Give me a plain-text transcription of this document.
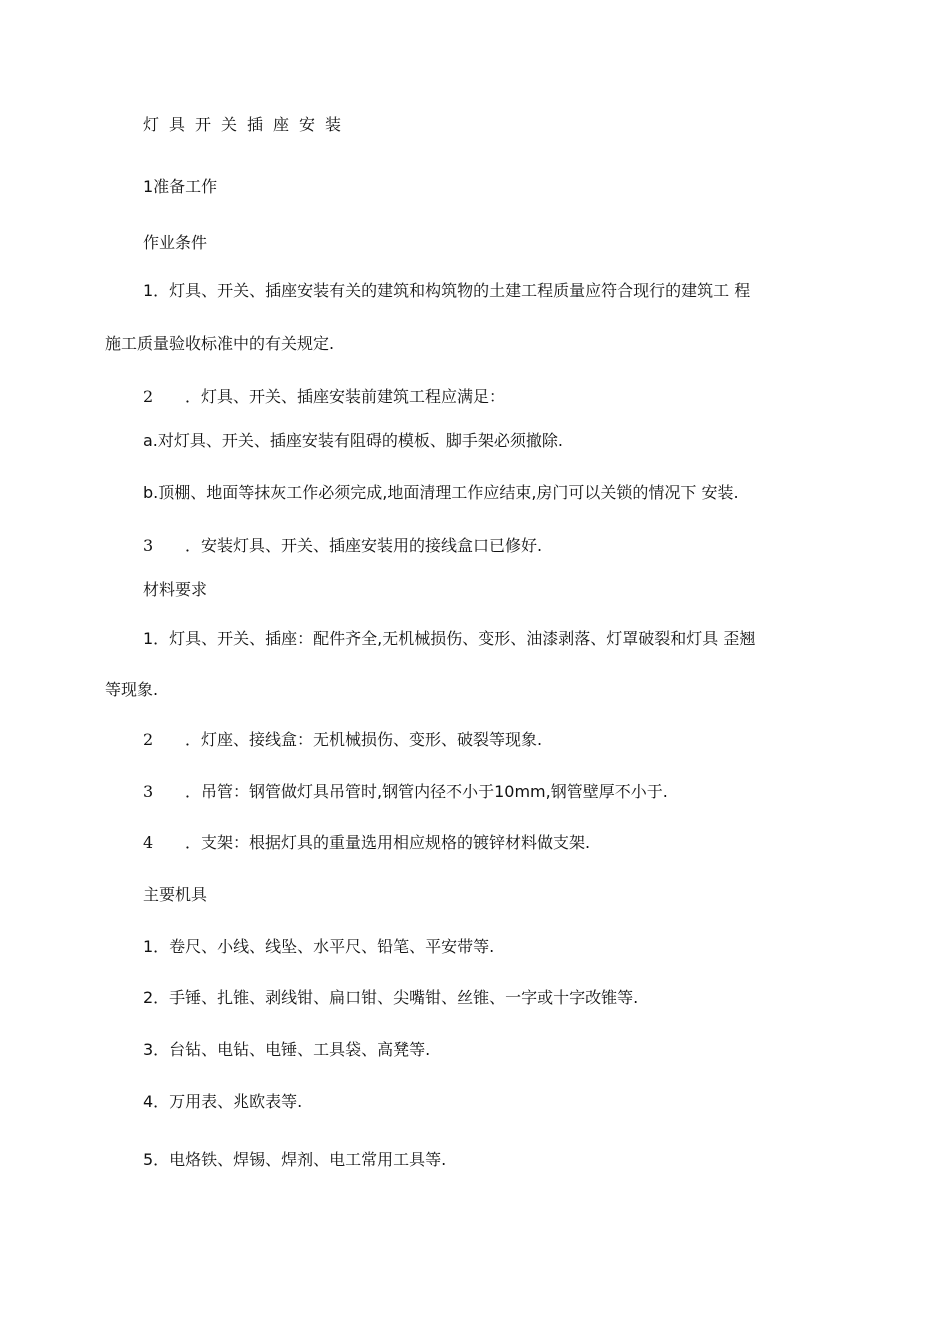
灯具开关插座安装
1准备工作
作业条件
1．灯具、开关、插座安装有关的建筑和构筑物的土建工程质量应符合现行的建筑工 程
施工质量验收标准中的有关规定.
2 ．灯具、开关、插座安装前建筑工程应满足：
a.对灯具、开关、插座安装有阻碍的模板、脚手架必须撤除.
b.顶棚、地面等抹灰工作必须完成,地面清理工作应结束,房门可以关锁的情况下 安装.
3 ．安装灯具、开关、插座安装用的接线盒口已修好.
材料要求
1．灯具、开关、插座：配件齐全,无机械损伤、变形、油漆剥落、灯罩破裂和灯具 歪翘
等现象.
2 ．灯座、接线盒：无机械损伤、变形、破裂等现象.
3 ．吊管：钢管做灯具吊管时,钢管内径不小于10mm,钢管壁厚不小于.
4 ．支架：根据灯具的重量选用相应规格的镀锌材料做支架.
主要机具
1．卷尺、小线、线坠、水平尺、铅笔、平安带等.
2．手锤、扎锥、剥线钳、扁口钳、尖嘴钳、丝锥、一字或十字改锥等.
3．台钻、电钻、电锤、工具袋、高凳等.
4．万用表、兆欧表等.
5．电烙铁、焊锡、焊剂、电工常用工具等.
